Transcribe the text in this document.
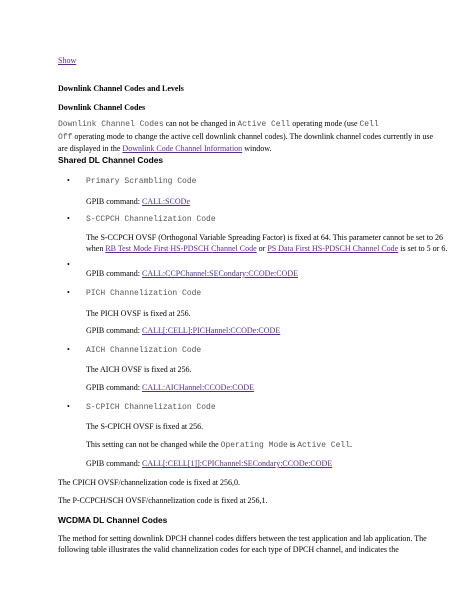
Show
Downlink Channel Codes and Levels
Downlink Channel Codes
Downlink Channel Codes can not be changed in Active Cell operating mode (use Cell
Off operating mode to change the active cell downlink channel codes). The downlink channel codes currently in use are displayed in the Downlink Code Channel Information window.
Shared DL Channel Codes
• Primary Scrambling Code
GPIB command: CALL:SCODe
• S-CCPCH Channelization Code
The S-CCPCH OVSF (Orthogonal Variable Spreading Factor) is fixed at 64. This parameter cannot be set to 26 when RB Test Mode First HS-PDSCH Channel Code or PS Data First HS-PDSCH Channel Code is set to 5 or 6.
GPIB command: CALL:CCPChannel:SECondary:CCODe:CODE
•
• PICH Channelization Code
The PICH OVSF is fixed at 256.
GPIB command: CALL[:CELL]:PICHannel:CCODe:CODE
• AICH Channelization Code
The AICH OVSF is fixed at 256.
GPIB command: CALL:AICHannel:CCODe:CODE
• S-CPICH Channelization Code
The S-CPICH OVSF is fixed at 256.
This setting can not be changed while the Operating Mode is Active Cell.
GPIB command: CALL[:CELL[1]]:CPIChannel:SECondary:CCODe:CODE
The CPICH OVSF/channelization code is fixed at 256,0.
The P-CCPCH/SCH OVSF/channelization code is fixed at 256,1.
WCDMA DL Channel Codes
The method for setting downlink DPCH channel codes differs between the test application and lab application. The following table illustrates the valid channelization codes for each type of DPCH channel, and indicates the
